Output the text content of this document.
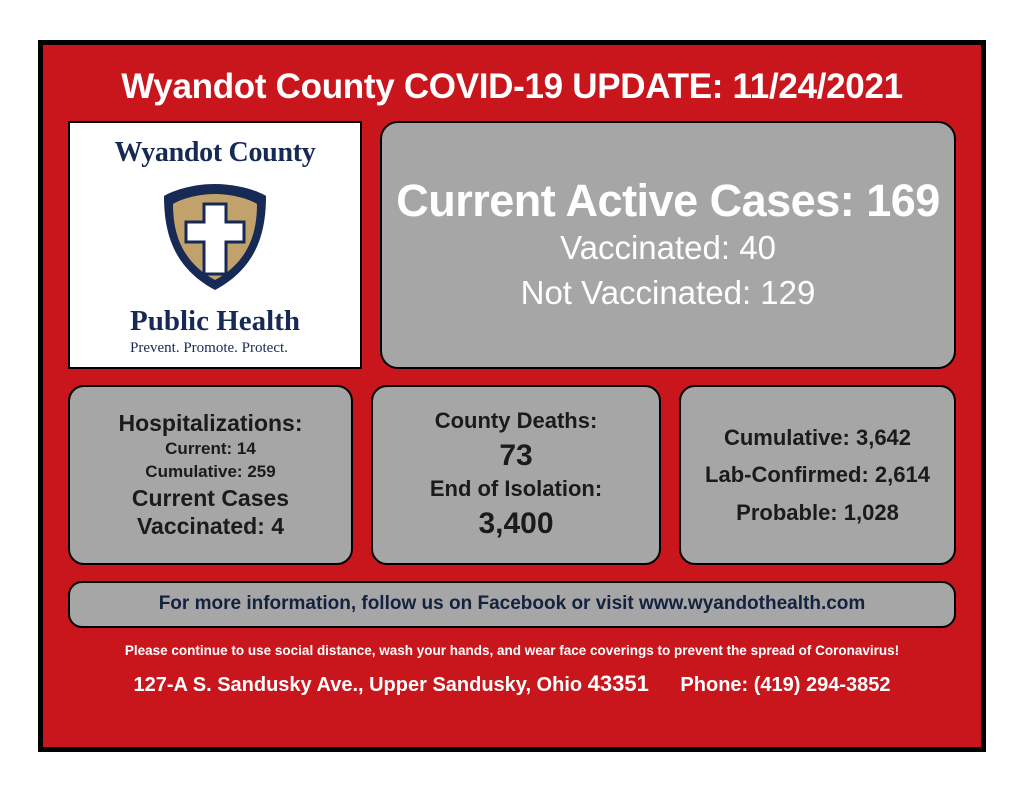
Wyandot County COVID-19 UPDATE: 11/24/2021
Wyandot County
Public Health
Prevent. Promote. Protect.
Current Active Cases: 169
Vaccinated: 40
Not Vaccinated: 129
Hospitalizations:
Current: 14
Cumulative: 259
Current Cases
Vaccinated: 4
County Deaths:
73
End of Isolation:
3,400
Cumulative: 3,642
Lab-Confirmed: 2,614
Probable: 1,028
For more information, follow us on Facebook or visit www.wyandothealth.com
Please continue to use social distance, wash your hands, and wear face coverings to prevent the spread of Coronavirus!
127-A S. Sandusky Ave., Upper Sandusky, Ohio 43351 Phone: (419) 294-3852
